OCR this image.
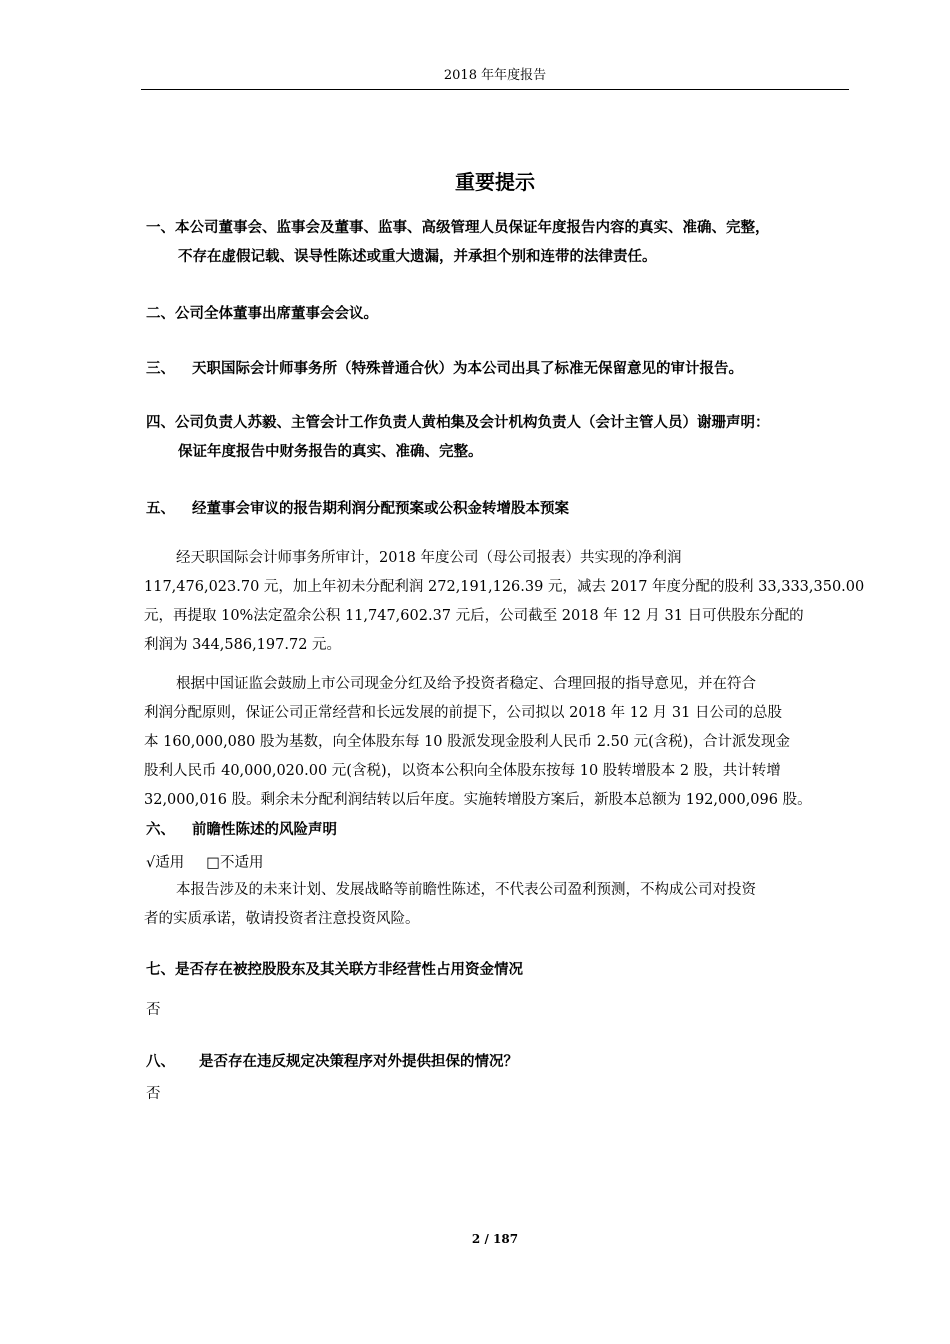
2018 年年度报告
重要提示
一、本公司董事会、监事会及董事、监事、高级管理人员保证年度报告内容的真实、准确、完整，
不存在虚假记载、误导性陈述或重大遗漏，并承担个别和连带的法律责任。
二、公司全体董事出席董事会会议。
三、 天职国际会计师事务所（特殊普通合伙）为本公司出具了标准无保留意见的审计报告。
四、公司负责人苏毅、主管会计工作负责人黄柏集及会计机构负责人（会计主管人员）谢珊声明：
保证年度报告中财务报告的真实、准确、完整。
五、 经董事会审议的报告期利润分配预案或公积金转增股本预案
经天职国际会计师事务所审计，2018 年度公司（母公司报表）共实现的净利润
117,476,023.70 元，加上年初未分配利润 272,191,126.39 元，减去 2017 年度分配的股利 33,333,350.00
元，再提取 10%法定盈余公积 11,747,602.37 元后，公司截至 2018 年 12 月 31 日可供股东分配的
利润为 344,586,197.72 元。
根据中国证监会鼓励上市公司现金分红及给予投资者稳定、合理回报的指导意见，并在符合
利润分配原则，保证公司正常经营和长远发展的前提下，公司拟以 2018 年 12 月 31 日公司的总股
本 160,000,080 股为基数，向全体股东每 10 股派发现金股利人民币 2.50 元(含税)，合计派发现金
股利人民币 40,000,020.00 元(含税)，以资本公积向全体股东按每 10 股转增股本 2 股，共计转增
32,000,016 股。剩余未分配利润结转以后年度。实施转增股方案后，新股本总额为 192,000,096 股。
六、 前瞻性陈述的风险声明
√适用 □不适用
本报告涉及的未来计划、发展战略等前瞻性陈述，不代表公司盈利预测，不构成公司对投资
者的实质承诺，敬请投资者注意投资风险。
七、是否存在被控股股东及其关联方非经营性占用资金情况
否
八、 是否存在违反规定决策程序对外提供担保的情况？
否
2 / 187
